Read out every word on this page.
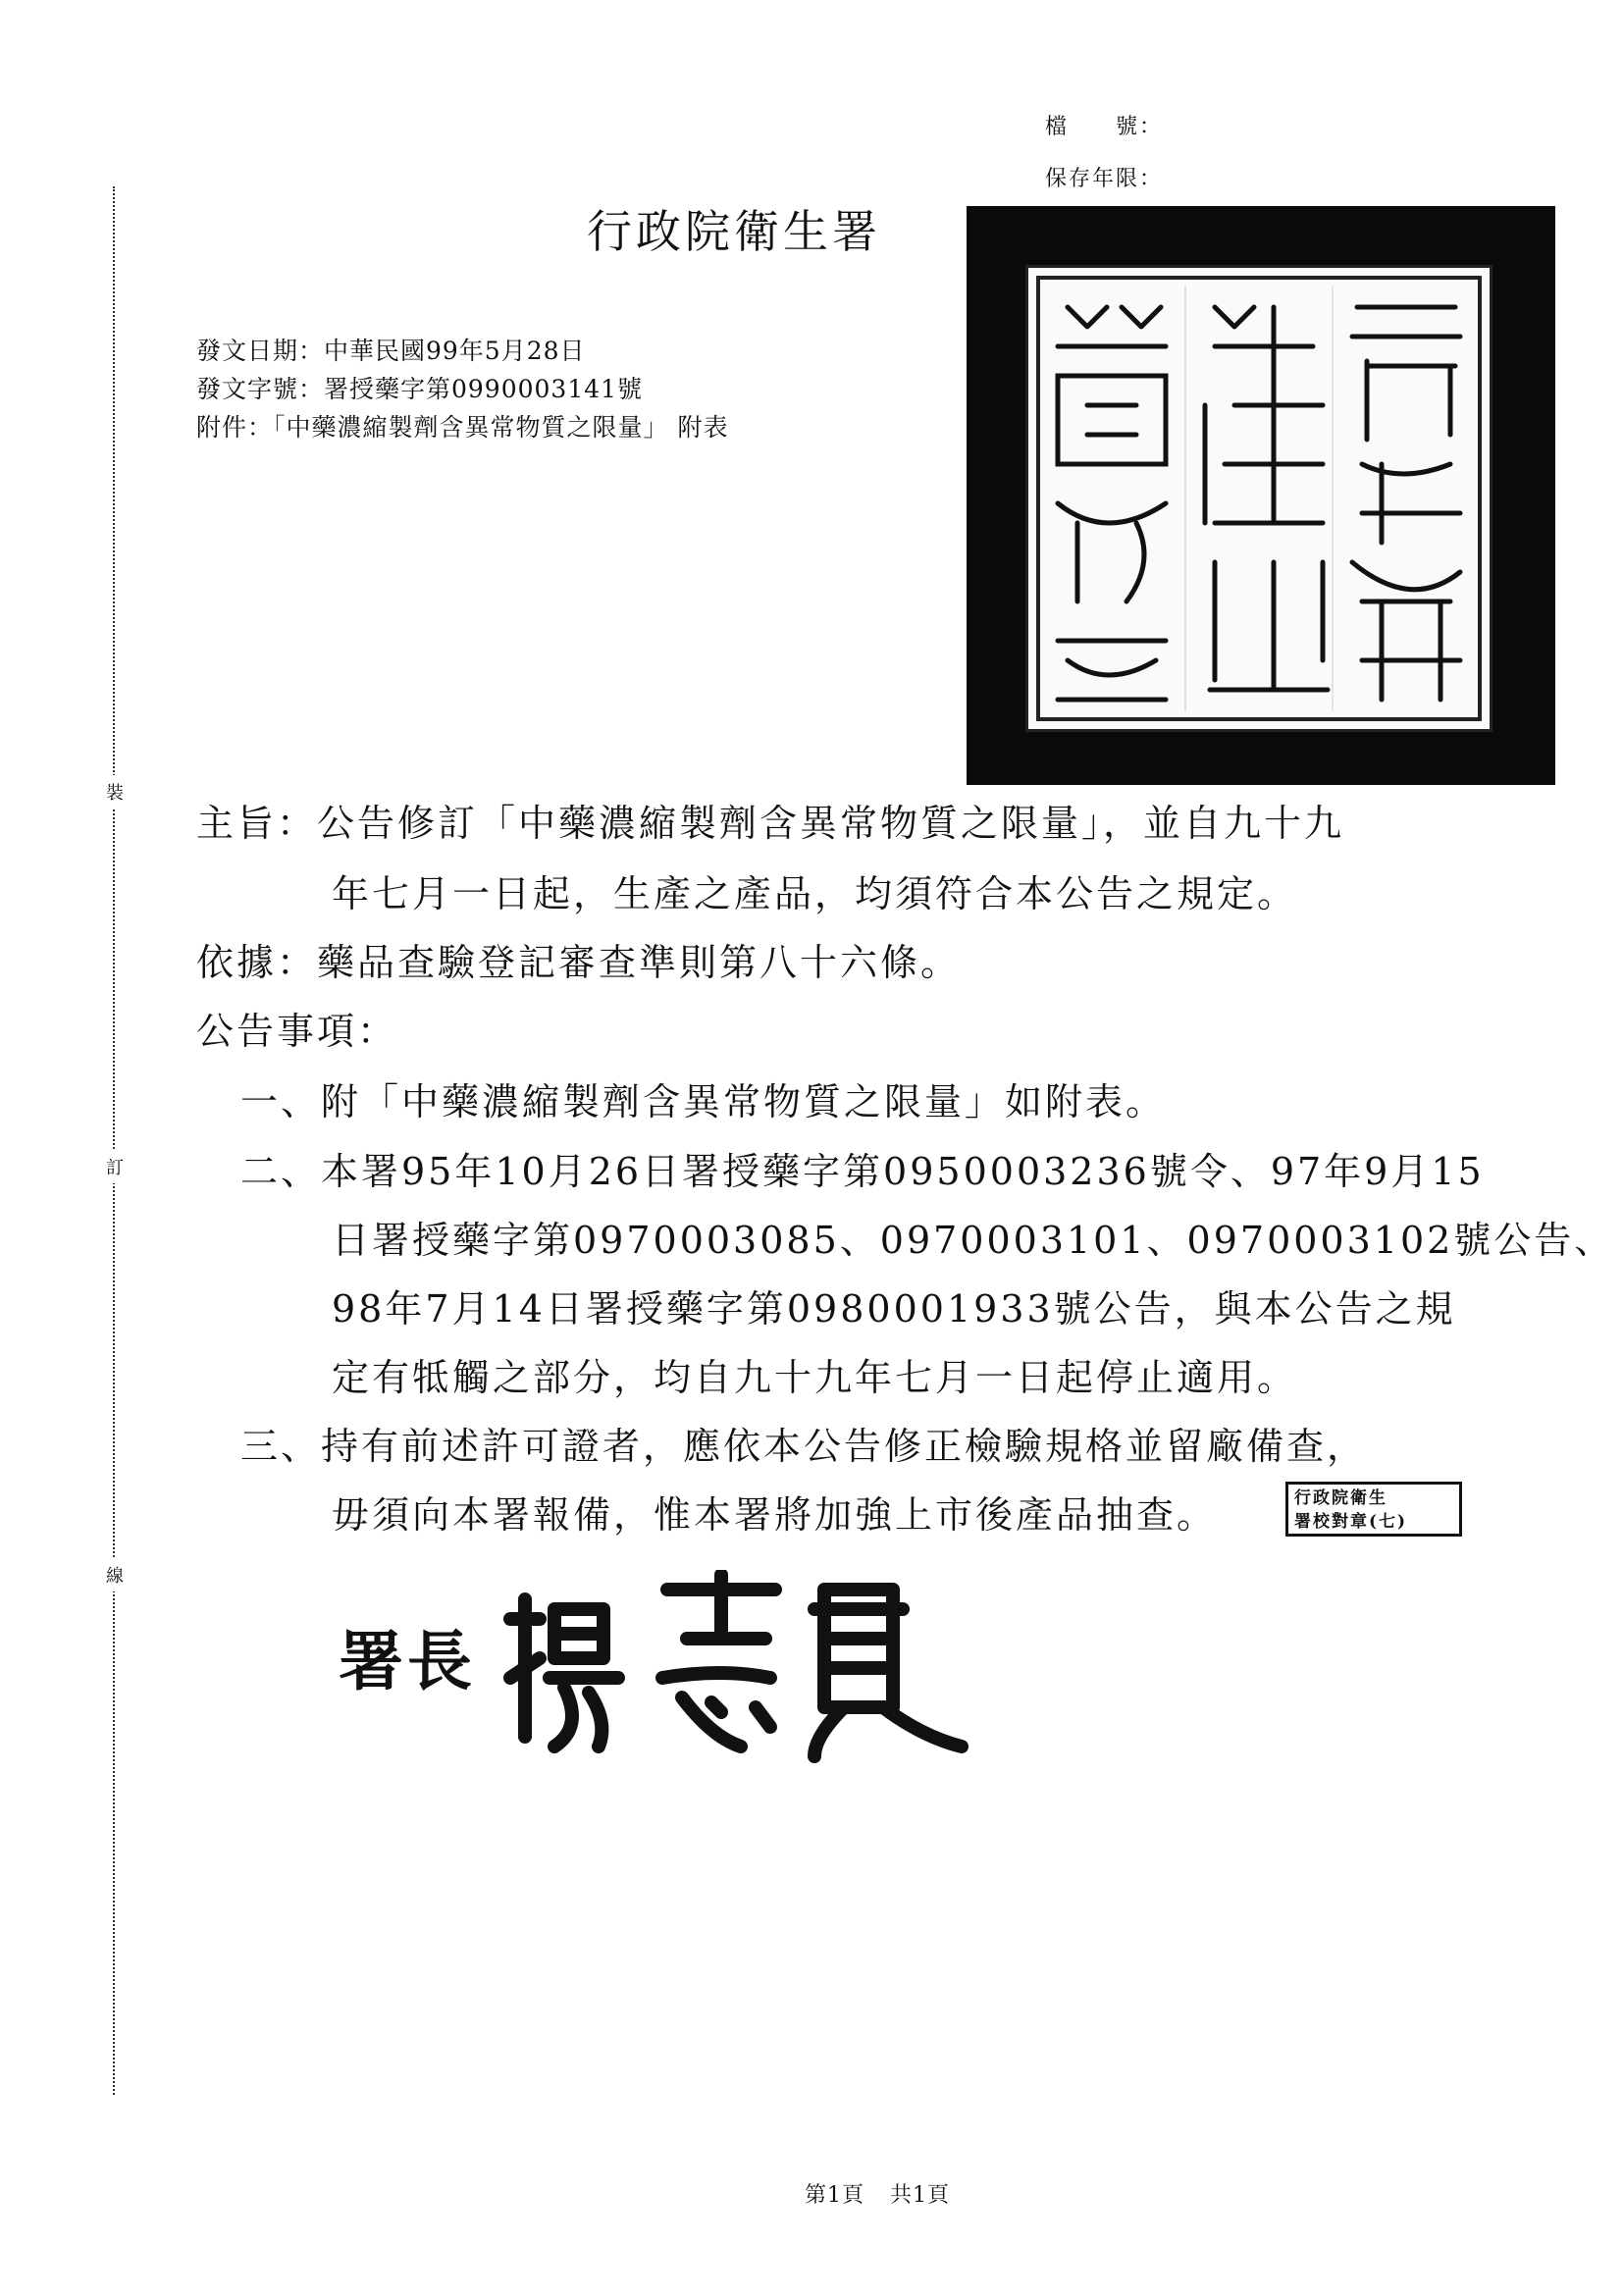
檔　　號：
保存年限：
裝
訂
線
行政院衛生署
發文日期：中華民國99年5月28日
發文字號：署授藥字第0990003141號
附件：「中藥濃縮製劑含異常物質之限量」 附表
主旨：公告修訂「中藥濃縮製劑含異常物質之限量」，並自九十九
年七月一日起，生產之產品，均須符合本公告之規定。
依據：藥品查驗登記審查準則第八十六條。
公告事項：
一、附「中藥濃縮製劑含異常物質之限量」如附表。
二、本署95年10月26日署授藥字第0950003236號令、97年9月15
日署授藥字第0970003085、0970003101、0970003102號公告、
98年7月14日署授藥字第0980001933號公告，與本公告之規
定有牴觸之部分，均自九十九年七月一日起停止適用。
三、持有前述許可證者，應依本公告修正檢驗規格並留廠備查，
毋須向本署報備，惟本署將加強上市後產品抽查。	行政院衛生
署校對章(七)
署長
第1頁 共1頁
